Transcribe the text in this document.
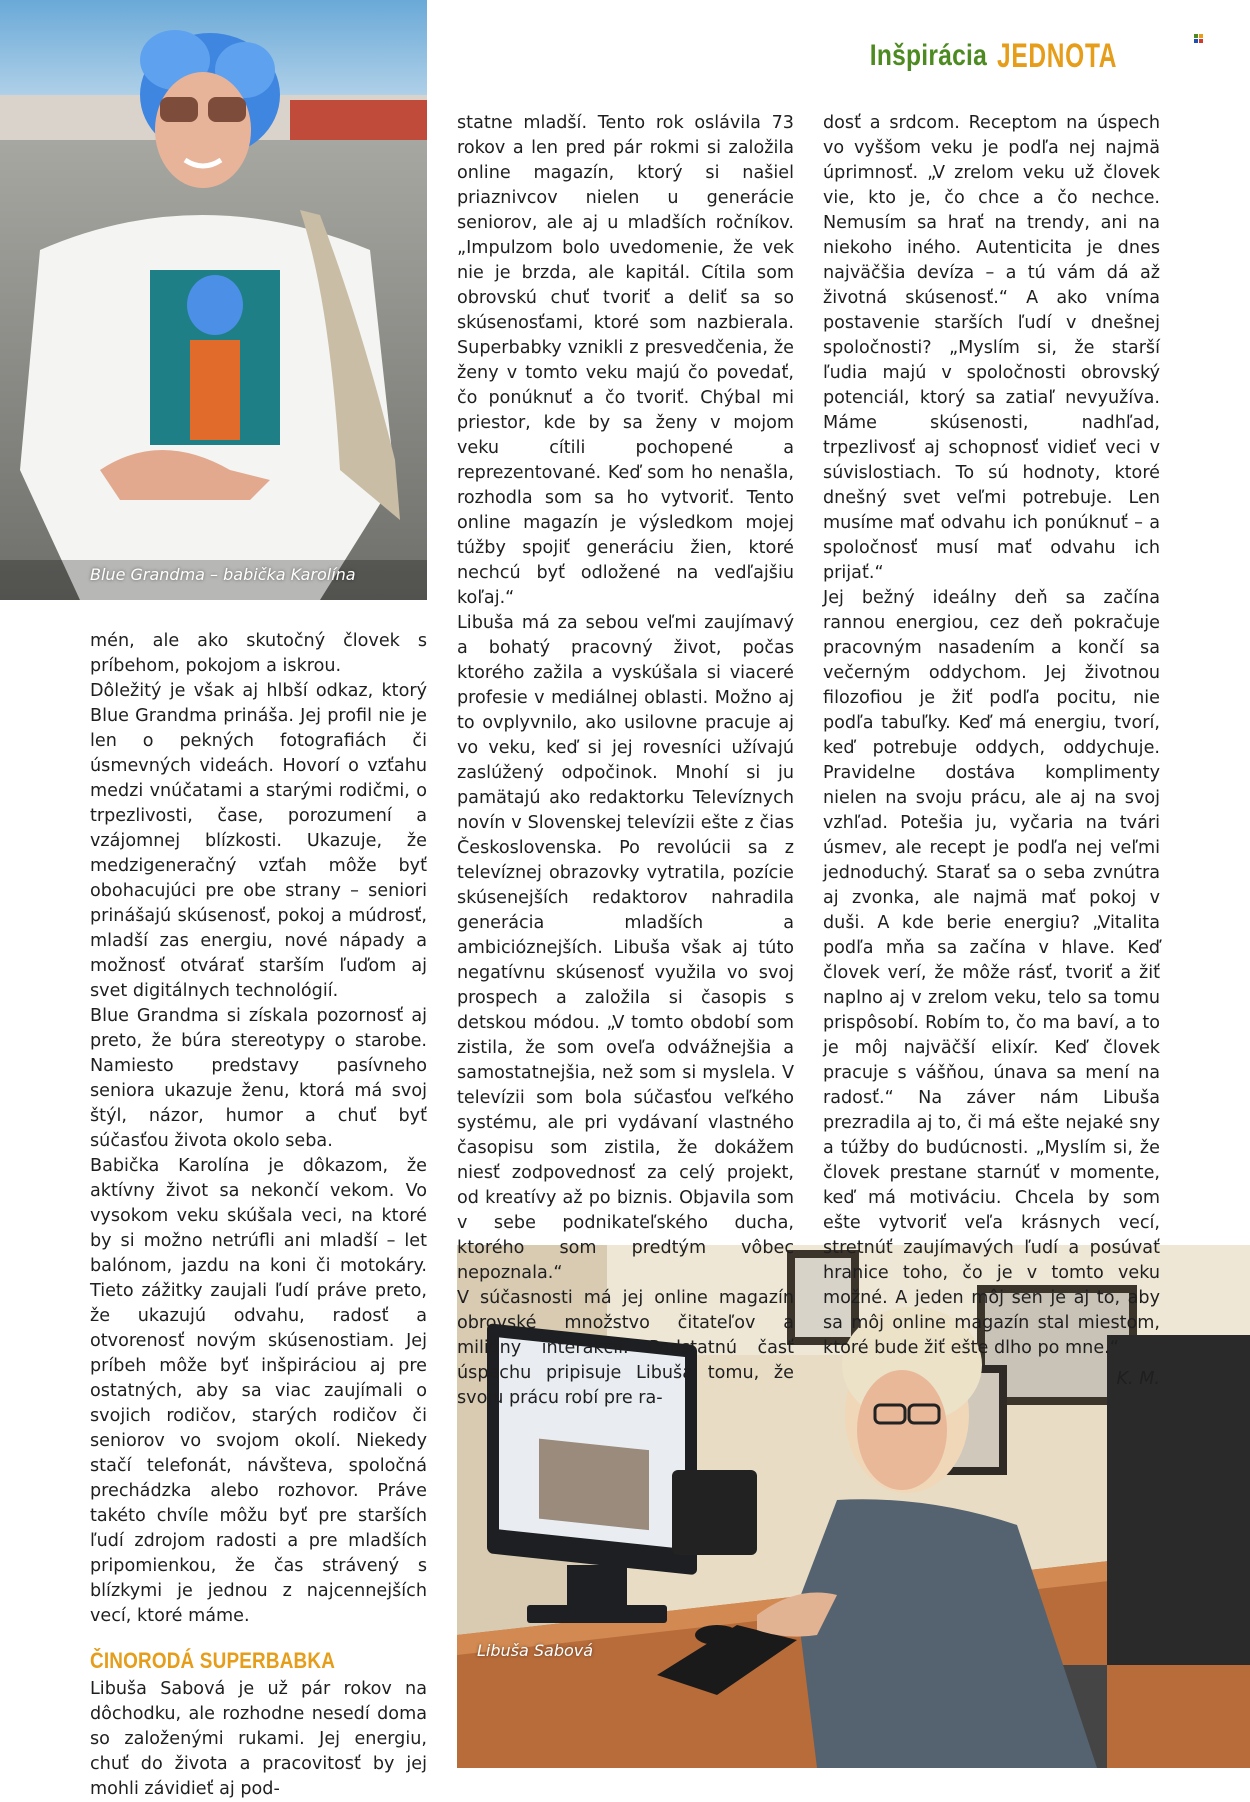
Inšpirácia JEDNOTA
Blue Grandma – babička Karolína
Libuša Sabová

mén, ale ako skutočný človek s príbehom, pokojom a iskrou.

Dôležitý je však aj hlbší odkaz, ktorý Blue Grandma prináša. Jej profil nie je len o pekných fotografiách či úsmevných videách. Hovorí o vzťahu medzi vnúčatami a starými rodičmi, o trpezlivosti, čase, porozumení a vzájomnej blízkosti. Ukazuje, že medzigeneračný vzťah môže byť obohacujúci pre obe strany – seniori prinášajú skúsenosť, pokoj a múdrosť, mladší zas energiu, nové nápady a možnosť otvárať starším ľuďom aj svet digitálnych technológií.

Blue Grandma si získala pozornosť aj preto, že búra stereotypy o starobe. Namiesto predstavy pasívneho seniora ukazuje ženu, ktorá má svoj štýl, názor, humor a chuť byť súčasťou života okolo seba.

Babička Karolína je dôkazom, že aktívny život sa nekončí vekom. Vo vysokom veku skúšala veci, na ktoré by si možno netrúfli ani mladší – let balónom, jazdu na koni či motokáry. Tieto zážitky zaujali ľudí práve preto, že ukazujú odvahu, radosť a otvorenosť novým skúsenostiam. Jej príbeh môže byť inšpiráciou aj pre ostatných, aby sa viac zaujímali o svojich rodičov, starých rodičov či seniorov vo svojom okolí. Niekedy stačí telefonát, návšteva, spoločná prechádzka alebo rozhovor. Práve takéto chvíle môžu byť pre starších ľudí zdrojom radosti a pre mladších pripomienkou, že čas strávený s blízkymi je jednou z najcennejších vecí, ktoré máme.

ČINORODÁ SUPERBABKA

Libuša Sabová je už pár rokov na dôchodku, ale rozhodne nesedí doma so založenými rukami. Jej energiu, chuť do života a pracovitosť by jej mohli závidieť aj pod-

statne mladší. Tento rok oslávila 73 rokov a len pred pár rokmi si založila online magazín, ktorý si našiel priaznivcov nielen u generácie seniorov, ale aj u mladších ročníkov. „Impulzom bolo uvedomenie, že vek nie je brzda, ale kapitál. Cítila som obrovskú chuť tvoriť a deliť sa so skúsenosťami, ktoré som nazbierala. Superbabky vznikli z presvedčenia, že ženy v tomto veku majú čo povedať, čo ponúknuť a čo tvoriť. Chýbal mi priestor, kde by sa ženy v mojom veku cítili pochopené a reprezentované. Keď som ho nenašla, rozhodla som sa ho vytvoriť. Tento online magazín je výsledkom mojej túžby spojiť generáciu žien, ktoré nechcú byť odložené na vedľajšiu koľaj.“

Libuša má za sebou veľmi zaujímavý a bohatý pracovný život, počas ktorého zažila a vyskúšala si viaceré profesie v mediálnej oblasti. Možno aj to ovplyvnilo, ako usilovne pracuje aj vo veku, keď si jej rovesníci užívajú zaslúžený odpočinok. Mnohí si ju pamätajú ako redaktorku Televíznych novín v Slovenskej televízii ešte z čias Československa. Po revolúcii sa z televíznej obrazovky vytratila, pozície skúsenejších redaktorov nahradila generácia mladších a ambicióznejších. Libuša však aj túto negatívnu skúsenosť využila vo svoj prospech a založila si časopis s detskou módou. „V tomto období som zistila, že som oveľa odvážnejšia a samostatnejšia, než som si myslela. V televízii som bola súčasťou veľkého systému, ale pri vydávaní vlastného časopisu som zistila, že dokážem niesť zodpovednosť za celý projekt, od kreatívy až po biznis. Objavila som v sebe podnikateľského ducha, ktorého som predtým vôbec nepoznala.“

V súčasnosti má jej online magazín obrovské množstvo čitateľov a milióny interakcií. Podstatnú časť úspechu pripisuje Libuša tomu, že svoju prácu robí pre ra-

dosť a srdcom. Receptom na úspech vo vyššom veku je podľa nej najmä úprimnosť. „V zrelom veku už človek vie, kto je, čo chce a čo nechce. Nemusím sa hrať na trendy, ani na niekoho iného. Autenticita je dnes najväčšia devíza – a tú vám dá až životná skúsenosť.“ A ako vníma postavenie starších ľudí v dnešnej spoločnosti? „Myslím si, že starší ľudia majú v spoločnosti obrovský potenciál, ktorý sa zatiaľ nevyužíva. Máme skúsenosti, nadhľad, trpezlivosť aj schopnosť vidieť veci v súvislostiach. To sú hodnoty, ktoré dnešný svet veľmi potrebuje. Len musíme mať odvahu ich ponúknuť – a spoločnosť musí mať odvahu ich prijať.“

Jej bežný ideálny deň sa začína rannou energiou, cez deň pokračuje pracovným nasadením a končí sa večerným oddychom. Jej životnou filozofiou je žiť podľa pocitu, nie podľa tabuľky. Keď má energiu, tvorí, keď potrebuje oddych, oddychuje. Pravidelne dostáva komplimenty nielen na svoju prácu, ale aj na svoj vzhľad. Potešia ju, vyčaria na tvári úsmev, ale recept je podľa nej veľmi jednoduchý. Starať sa o seba zvnútra aj zvonka, ale najmä mať pokoj v duši. A kde berie energiu? „Vitalita podľa mňa sa začína v hlave. Keď človek verí, že môže rásť, tvoriť a žiť naplno aj v zrelom veku, telo sa tomu prispôsobí. Robím to, čo ma baví, a to je môj najväčší elixír. Keď človek pracuje s vášňou, únava sa mení na radosť.“ Na záver nám Libuša prezradila aj to, či má ešte nejaké sny a túžby do budúcnosti. „Myslím si, že človek prestane starnúť v momente, keď má motiváciu. Chcela by som ešte vytvoriť veľa krásnych vecí, stretnúť zaujímavých ľudí a posúvať hranice toho, čo je v tomto veku možné. A jeden môj sen je aj to, aby sa môj online magazín stal miestom, ktoré bude žiť ešte dlho po mne.“

K. M.
